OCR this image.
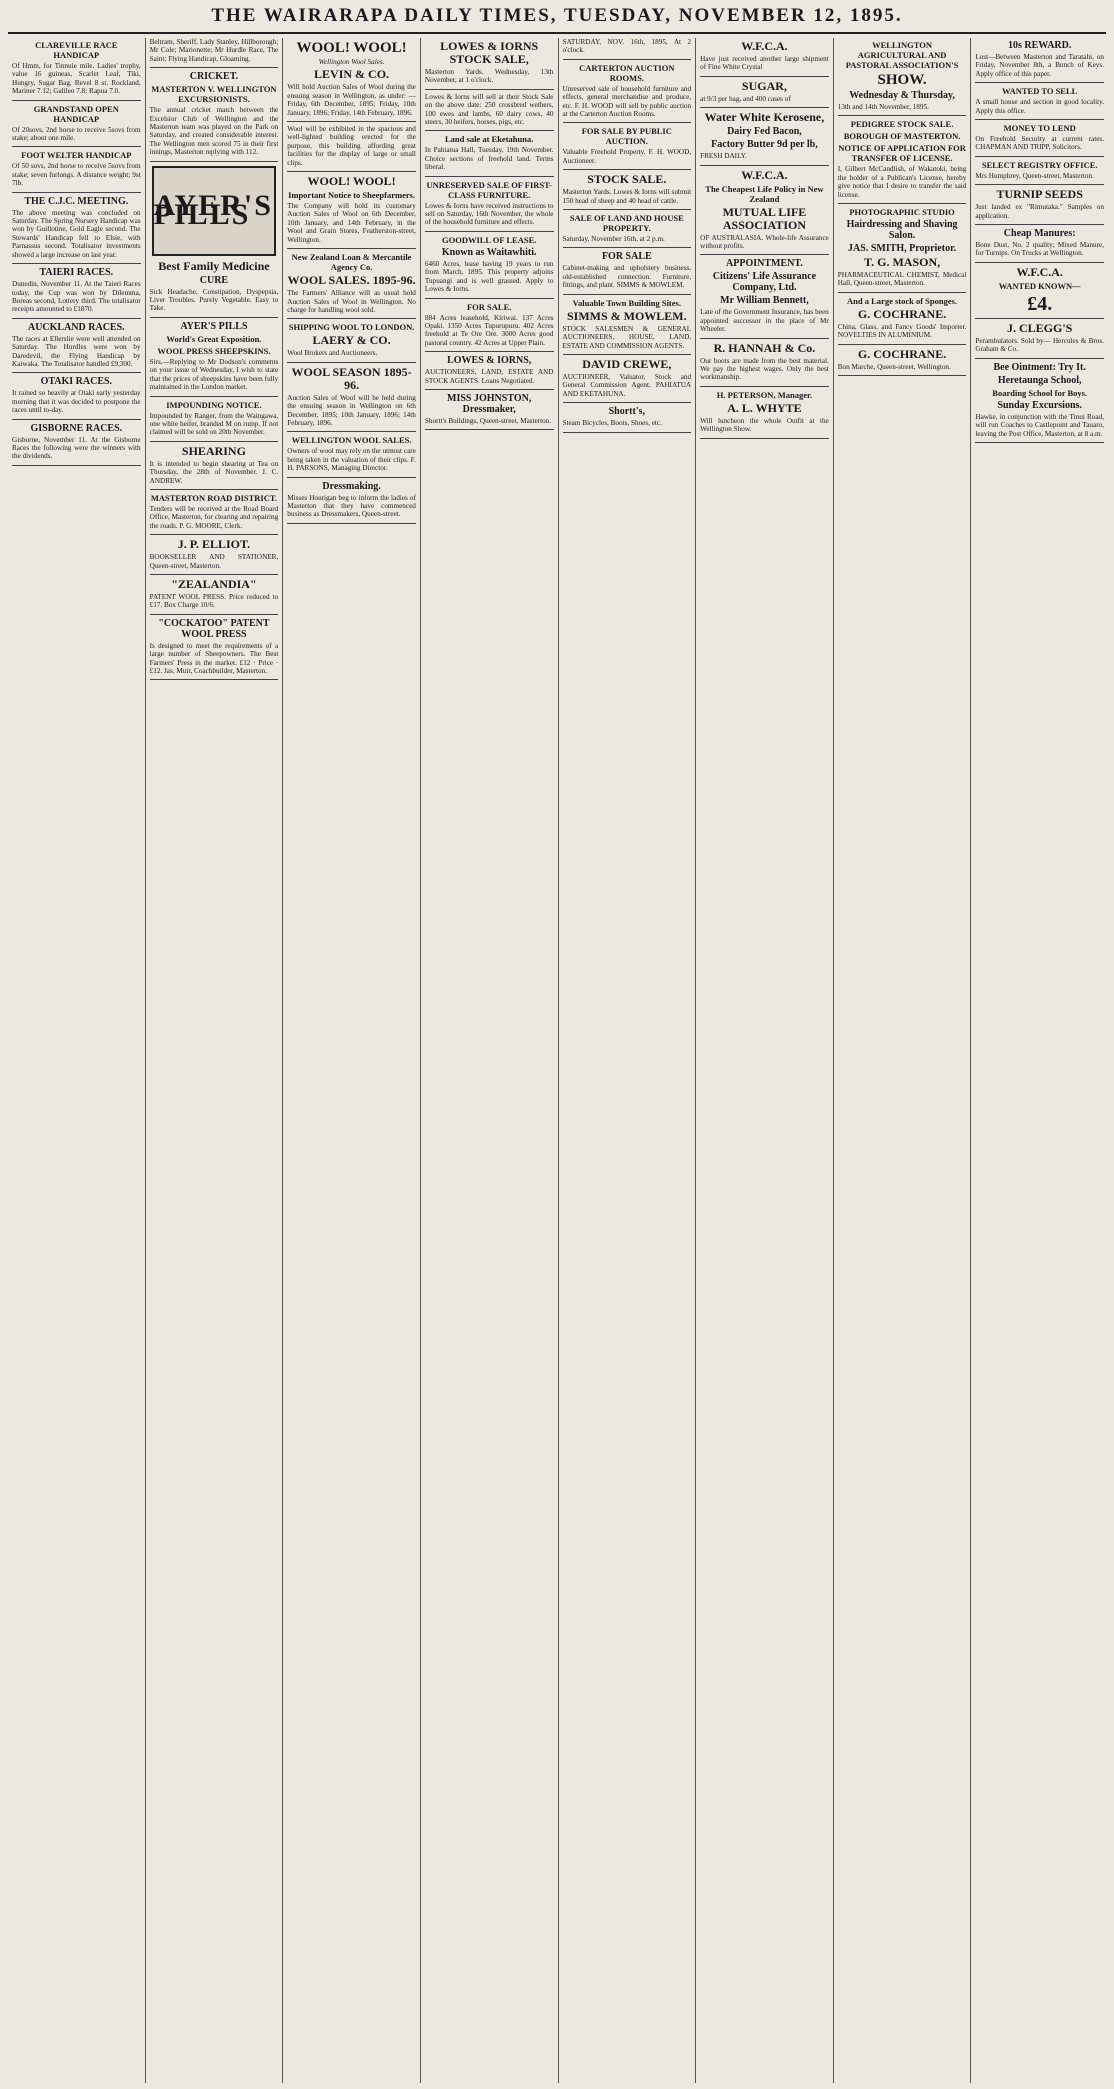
THE WAIRARAPA DAILY TIMES, TUESDAY, NOVEMBER 12, 1895.
CLAREVILLE RACE HANDICAP
Of Hmm, for Tinnuie mile. Ladies' trophy, value 16 guineas, Scarlet Leaf, Tiki, Hungry, Sugar Bag, Revel 8 st. Rockland, Mariner 7.12; Galileo 7.8; Rapua 7.0.
GRANDSTAND OPEN HANDICAP
Of 20sovs, 2nd horse to receive 5sovs from stake; about one mile.
FOOT WELTER HANDICAP
Of 50 sovs, 2nd horse to receive 5sovs from stake; seven furlongs. A distance weight; 9st 7lb.
THE C.J.C. MEETING.
The above meeting was concluded on Saturday. The Spring Nursery Handicap was won by Guillotine, Gold Eagle second. The Stewards' Handicap fell to Elsie, with Parnassus second. Totalisator investments showed a large increase on last year.
TAIERI RACES.
Dunedin, November 11. At the Taieri Races today, the Cup was won by Dilemma, Boreas second, Lottery third. The totalisator receipts amounted to £1870.
AUCKLAND RACES.
The races at Ellerslie were well attended on Saturday. The Hurdles were won by Daredevil, the Flying Handicap by Kaiwaka. The Totalisator handled £9,300.
OTAKI RACES.
It rained so heavily at Otaki early yesterday morning that it was decided to postpone the races until to-day.
GISBORNE RACES.
Gisborne, November 11. At the Gisborne Races the following were the winners with the dividends.
Beltram, Sheriff, Lady Stanley, Hillborough; Mr Cole; Marionette; Mr Hurdle Race, The Saint; Flying Handicap, Gloaming.
CRICKET.
MASTERTON V. WELLINGTON EXCURSIONISTS.
The annual cricket match between the Excelsior Club of Wellington and the Masterton team was played on the Park on Saturday, and created considerable interest. The Wellington men scored 75 in their first innings, Masterton replying with 112.
AYER'S PILLS
Best Family Medicine
CURE
Sick Headache, Constipation, Dyspepsia, Liver Troubles. Purely Vegetable. Easy to Take.
AYER'S PILLS
World's Great Exposition.
WOOL PRESS SHEEPSKINS.
Sirs,—Replying to Mr Dodson's comments on your issue of Wednesday, I wish to state that the prices of sheepskins have been fully maintained in the London market.
IMPOUNDING NOTICE.
Impounded by Ranger, from the Waingawa, one white heifer, branded M on rump. If not claimed will be sold on 20th November.
SHEARING
It is intended to begin shearing at Tea on Thursday, the 28th of November. J. C. ANDREW.
MASTERTON ROAD DISTRICT.
Tenders will be received at the Road Board Office, Masterton, for clearing and repairing the roads. P. G. MOORE, Clerk.
J. P. ELLIOT.
BOOKSELLER AND STATIONER, Queen-street, Masterton.
"ZEALANDIA"
PATENT WOOL PRESS. Price reduced to £17. Box Charge 10/6.
"COCKATOO" PATENT WOOL PRESS
Is designed to meet the requirements of a large number of Sheepowners. The Best Farmers' Press in the market. £12 · Price · £12. Jas. Muir, Coachbuilder, Masterton.
WOOL! WOOL!
Wellington Wool Sales.
LEVIN & CO.
Will hold Auction Sales of Wool during the ensuing season in Wellington, as under: — Friday, 6th December, 1895; Friday, 10th January, 1896; Friday, 14th February, 1896.
Wool will be exhibited in the spacious and well-lighted building erected for the purpose, this building affording great facilities for the display of large or small clips.
WOOL! WOOL!
Important Notice to Sheepfarmers.
The Company will hold its customary Auction Sales of Wool on 6th December, 10th January, and 14th February, in the Wool and Grain Stores, Featherston-street, Wellington.
New Zealand Loan & Mercantile Agency Co.
WOOL SALES. 1895-96.
The Farmers' Alliance will as usual hold Auction Sales of Wool in Wellington. No charge for handling wool sold.
SHIPPING WOOL TO LONDON.
LAERY & CO.
Wool Brokers and Auctioneers.
WOOL SEASON 1895-96.
Auction Sales of Wool will be held during the ensuing season in Wellington on 6th December, 1895; 10th January, 1896; 14th February, 1896.
WELLINGTON WOOL SALES.
Owners of wool may rely on the utmost care being taken in the valuation of their clips. F. H. PARSONS, Managing Director.
Dressmaking.
Misses Hourigan beg to inform the ladies of Masterton that they have commenced business as Dressmakers, Queen-street.
LOWES & IORNS STOCK SALE,
Masterton Yards. Wednesday, 13th November, at 1 o'clock.
Lowes & Iorns will sell at their Stock Sale on the above date: 250 crossbred wethers, 100 ewes and lambs, 60 dairy cows, 40 steers, 30 heifers, horses, pigs, etc.
Land sale at Eketahuna.
In Pahiatua Hall, Tuesday, 19th November. Choice sections of freehold land. Terms liberal.
UNRESERVED SALE OF FIRST-CLASS FURNITURE.
Lowes & Iorns have received instructions to sell on Saturday, 16th November, the whole of the household furniture and effects.
GOODWILL OF LEASE.
Known as Waitawhiti.
6460 Acres, lease having 19 years to run from March, 1895. This property adjoins Tupuangi and is well grassed. Apply to Lowes & Iorns.
FOR SALE.
884 Acres leasehold, Kiriwai. 137 Acres Opaki. 1350 Acres Tupurupuru. 402 Acres freehold at Te Ore Ore. 3000 Acres good pastoral country. 42 Acres at Upper Plain.
LOWES & IORNS,
AUCTIONEERS, LAND, ESTATE AND STOCK AGENTS. Loans Negotiated.
MISS JOHNSTON, Dressmaker,
Shortt's Buildings, Queen-street, Masterton.
SATURDAY, NOV. 16th, 1895, At 2 o'clock.
CARTERTON AUCTION ROOMS.
Unreserved sale of household furniture and effects, general merchandise and produce, etc. F. H. WOOD will sell by public auction at the Carterton Auction Rooms.
FOR SALE BY PUBLIC AUCTION.
Valuable Freehold Property. F. H. WOOD, Auctioneer.
STOCK SALE.
Masterton Yards. Lowes & Iorns will submit 150 head of sheep and 40 head of cattle.
SALE OF LAND AND HOUSE PROPERTY.
Saturday, November 16th, at 2 p.m.
FOR SALE
Cabinet-making and upholstery business, old-established connection. Furniture, fittings, and plant. SIMMS & MOWLEM.
Valuable Town Building Sites.
SIMMS & MOWLEM.
STOCK SALESMEN & GENERAL AUCTIONEERS, HOUSE, LAND, ESTATE AND COMMISSION AGENTS.
DAVID CREWE,
AUCTIONEER, Valuator, Stock and General Commission Agent, PAHIATUA AND EKETAHUNA.
Shortt's,
Steam Bicycles, Boots, Shoes, etc.
W.F.C.A.
Have just received another large shipment of Fine White Crystal
SUGAR,
at 9/3 per bag, and 400 cases of
Water White Kerosene,
Dairy Fed Bacon,
Factory Butter 9d per lb,
FRESH DAILY.
W.F.C.A.
The Cheapest Life Policy in New Zealand
MUTUAL LIFE ASSOCIATION
OF AUSTRALASIA. Whole-life Assurance without profits.
APPOINTMENT.
Citizens' Life Assurance Company, Ltd.
Mr William Bennett,
Late of the Government Insurance, has been appointed successor in the place of Mr Wheeler.
R. HANNAH & Co.
Our boots are made from the best material. We pay the highest wages. Only the best workmanship.
H. PETERSON, Manager.
A. L. WHYTE
Will luncheon the whole Outfit at the Wellington Show.
WELLINGTON AGRICULTURAL AND PASTORAL ASSOCIATION'S
SHOW.
Wednesday & Thursday,
13th and 14th November, 1895.
PEDIGREE STOCK SALE.
BOROUGH OF MASTERTON.
NOTICE OF APPLICATION FOR TRANSFER OF LICENSE.
I, Gilbert McCandlish, of Wakatoki, being the holder of a Publican's License, hereby give notice that I desire to transfer the said license.
PHOTOGRAPHIC STUDIO
Hairdressing and Shaving Salon.
JAS. SMITH, Proprietor.
T. G. MASON,
PHARMACEUTICAL CHEMIST, Medical Hall, Queen-street, Masterton.
And a Large stock of Sponges.
G. COCHRANE.
China, Glass, and Fancy Goods' Importer. NOVELTIES IN ALUMINIUM.
G. COCHRANE.
Bon Marche, Queen-street, Wellington.
10s REWARD.
Lost—Between Masterton and Taratahi, on Friday, November 8th, a Bunch of Keys. Apply office of this paper.
WANTED TO SELL
A small house and section in good locality. Apply this office.
MONEY TO LEND
On Freehold Security at current rates. CHAPMAN AND TRIPP, Solicitors.
SELECT REGISTRY OFFICE.
Mrs Humphrey, Queen-street, Masterton.
TURNIP SEEDS
Just landed ex "Rimutaka." Samples on application.
Cheap Manures:
Bone Dust, No. 2 quality; Mixed Manure, for Turnips. On Trucks at Wellington.
W.F.C.A.
WANTED KNOWN—
£4.
J. CLEGG'S
Perambulators. Sold by— Hercules & Bros. Graham & Co.
Bee Ointment: Try It.
Heretaunga School,
Boarding School for Boys.
Sunday Excursions.
Hawke, in conjunction with the Tinui Road, will run Coaches to Castlepoint and Tauaro, leaving the Post Office, Masterton, at 8 a.m.
